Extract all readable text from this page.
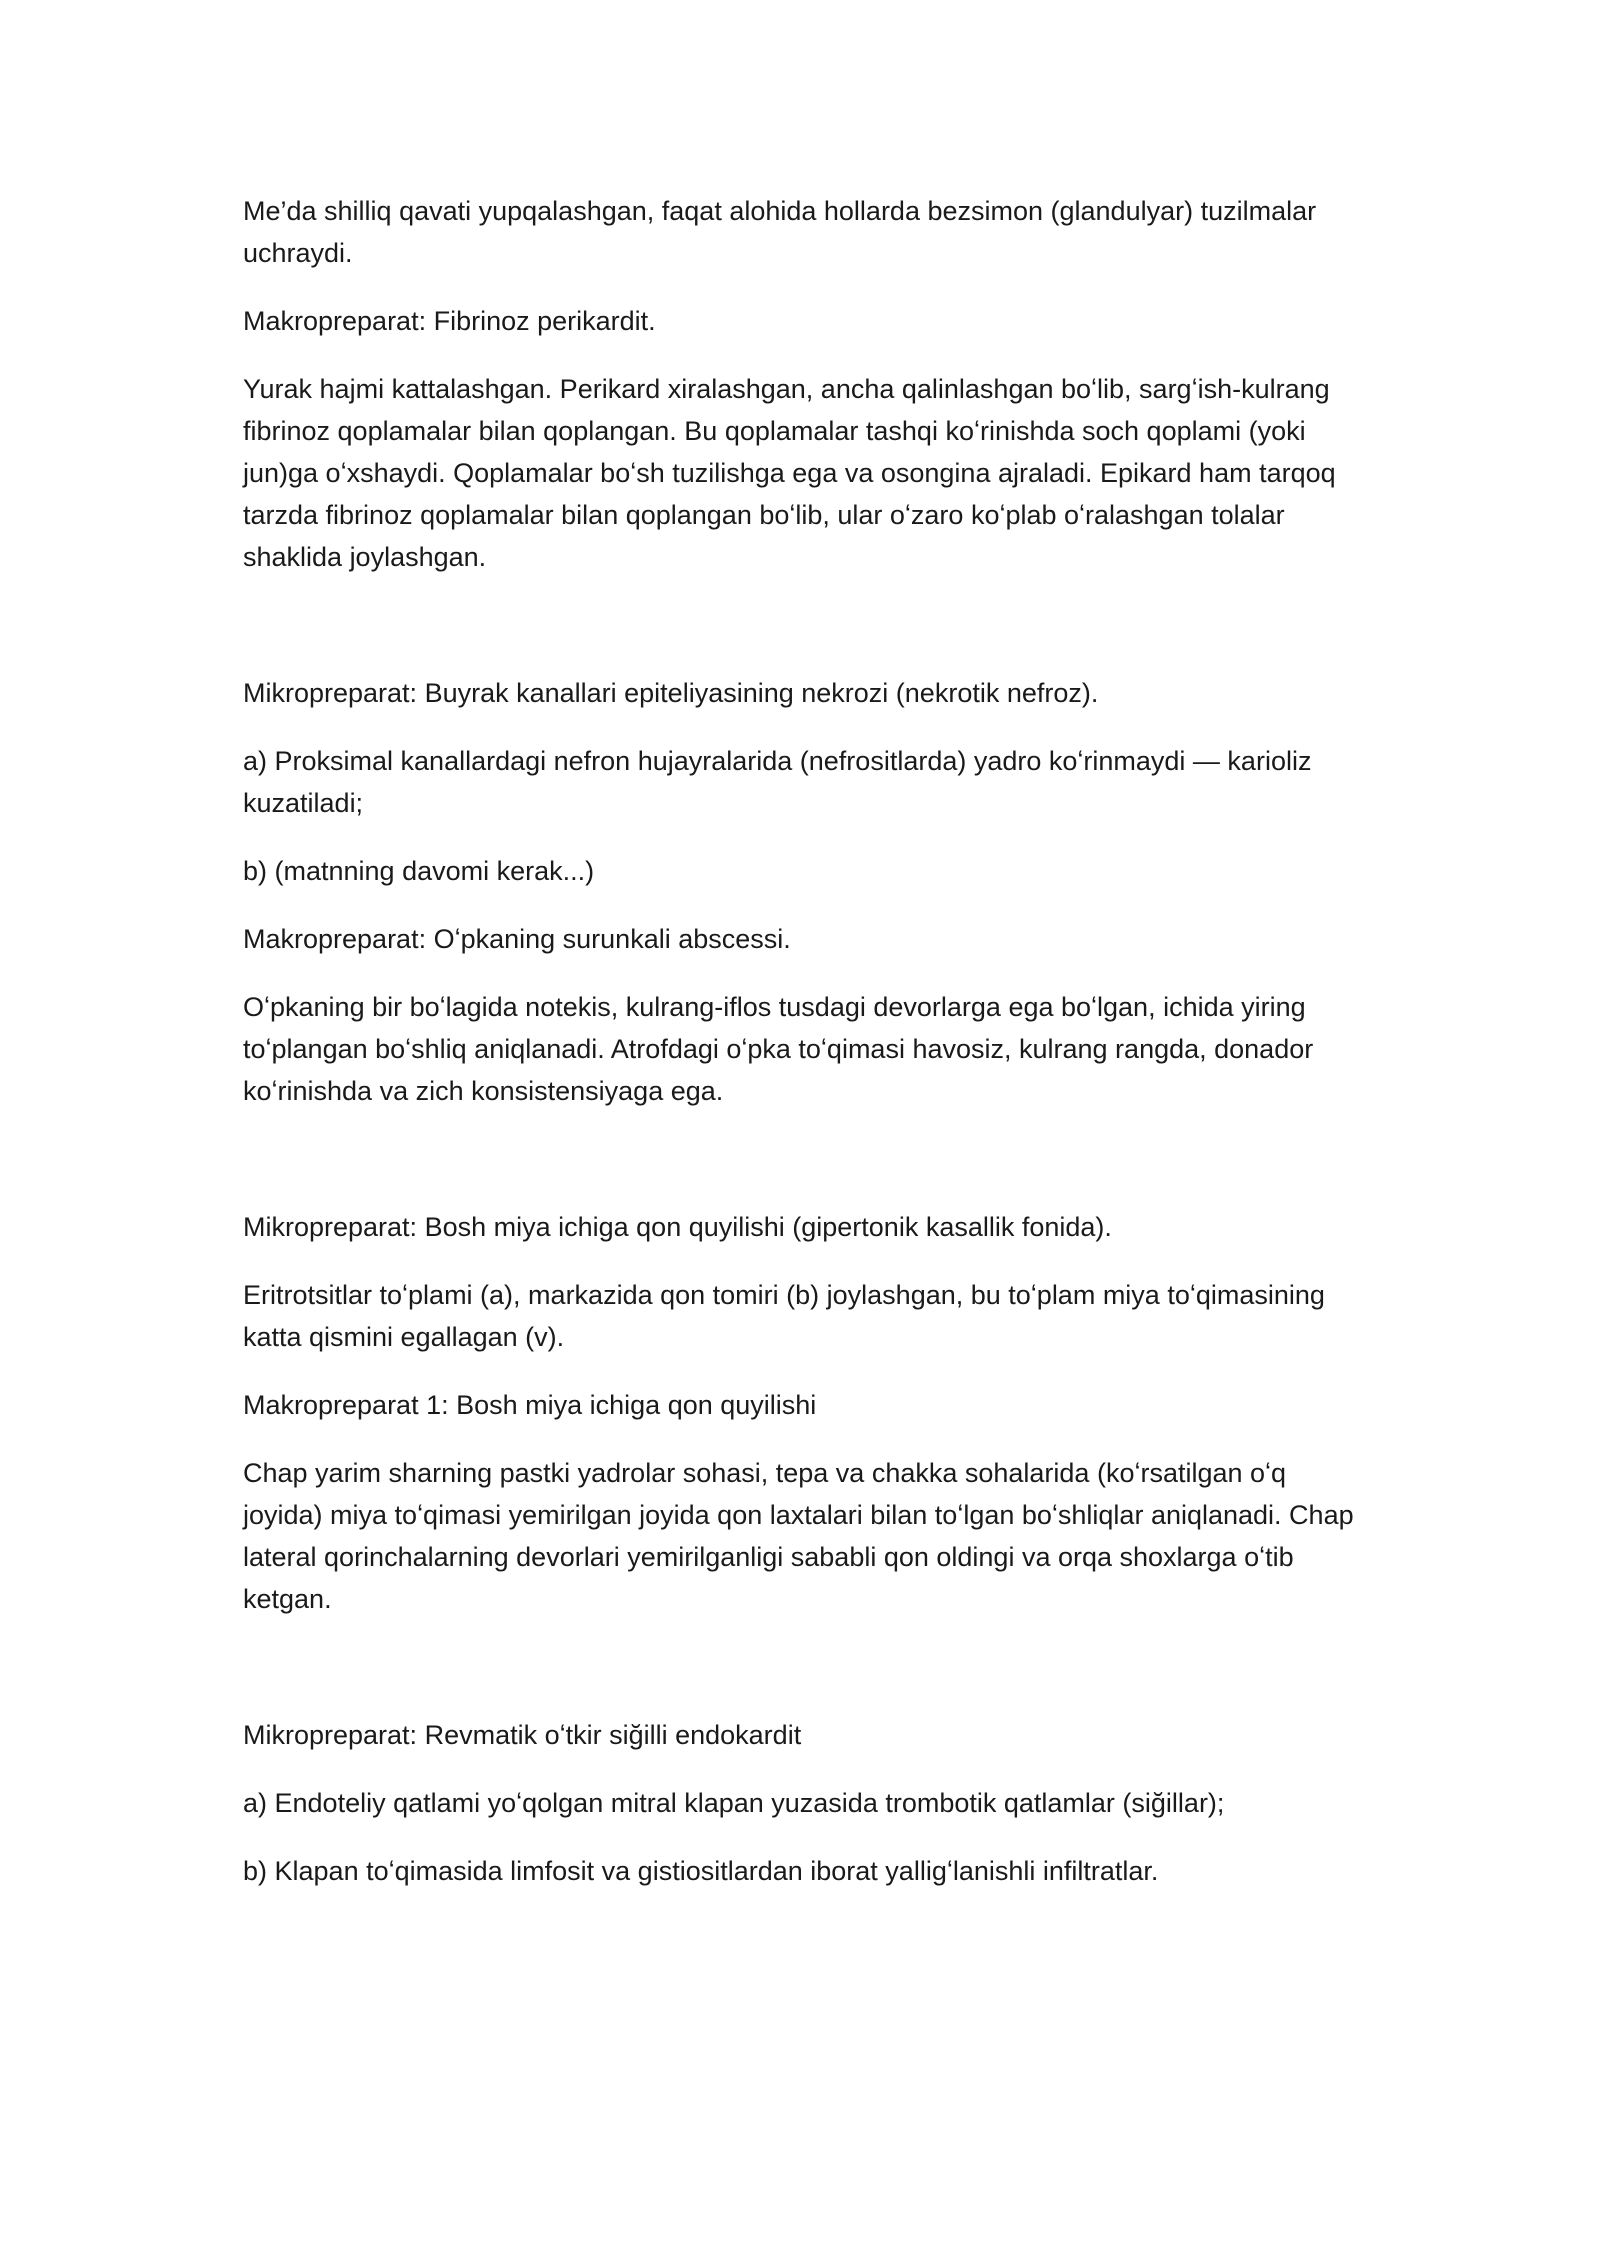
Me’da shilliq qavati yupqalashgan, faqat alohida hollarda bezsimon (glandulyar) tuzilmalar uchraydi.

Makropreparat: Fibrinoz perikardit.

Yurak hajmi kattalashgan. Perikard xiralashgan, ancha qalinlashgan boʻlib, sargʻish-kulrang fibrinoz qoplamalar bilan qoplangan. Bu qoplamalar tashqi koʻrinishda soch qoplami (yoki jun)ga oʻxshaydi. Qoplamalar boʻsh tuzilishga ega va osongina ajraladi. Epikard ham tarqoq tarzda fibrinoz qoplamalar bilan qoplangan boʻlib, ular oʻzaro koʻplab oʻralashgan tolalar shaklida joylashgan.

Mikropreparat: Buyrak kanallari epiteliyasining nekrozi (nekrotik nefroz).

a) Proksimal kanallardagi nefron hujayralarida (nefrositlarda) yadro koʻrinmaydi — karioliz kuzatiladi;

b) (matnning davomi kerak...)

Makropreparat: Oʻpkaning surunkali abscessi.

Oʻpkaning bir boʻlagida notekis, kulrang-iflos tusdagi devorlarga ega boʻlgan, ichida yiring toʻplangan boʻshliq aniqlanadi. Atrofdagi oʻpka toʻqimasi havosiz, kulrang rangda, donador koʻrinishda va zich konsistensiyaga ega.

Mikropreparat: Bosh miya ichiga qon quyilishi (gipertonik kasallik fonida).

Eritrotsitlar toʻplami (a), markazida qon tomiri (b) joylashgan, bu toʻplam miya toʻqimasining katta qismini egallagan (v).

Makropreparat 1: Bosh miya ichiga qon quyilishi

Chap yarim sharning pastki yadrolar sohasi, tepa va chakka sohalarida (koʻrsatilgan oʻq joyida) miya toʻqimasi yemirilgan joyida qon laxtalari bilan toʻlgan boʻshliqlar aniqlanadi. Chap lateral qorinchalarning devorlari yemirilganligi sababli qon oldingi va orqa shoxlarga oʻtib ketgan.

Mikropreparat: Revmatik oʻtkir siğilli endokardit

a) Endoteliy qatlami yoʻqolgan mitral klapan yuzasida trombotik qatlamlar (siğillar);

b) Klapan toʻqimasida limfosit va gistiositlardan iborat yalligʻlanishli infiltratlar.
